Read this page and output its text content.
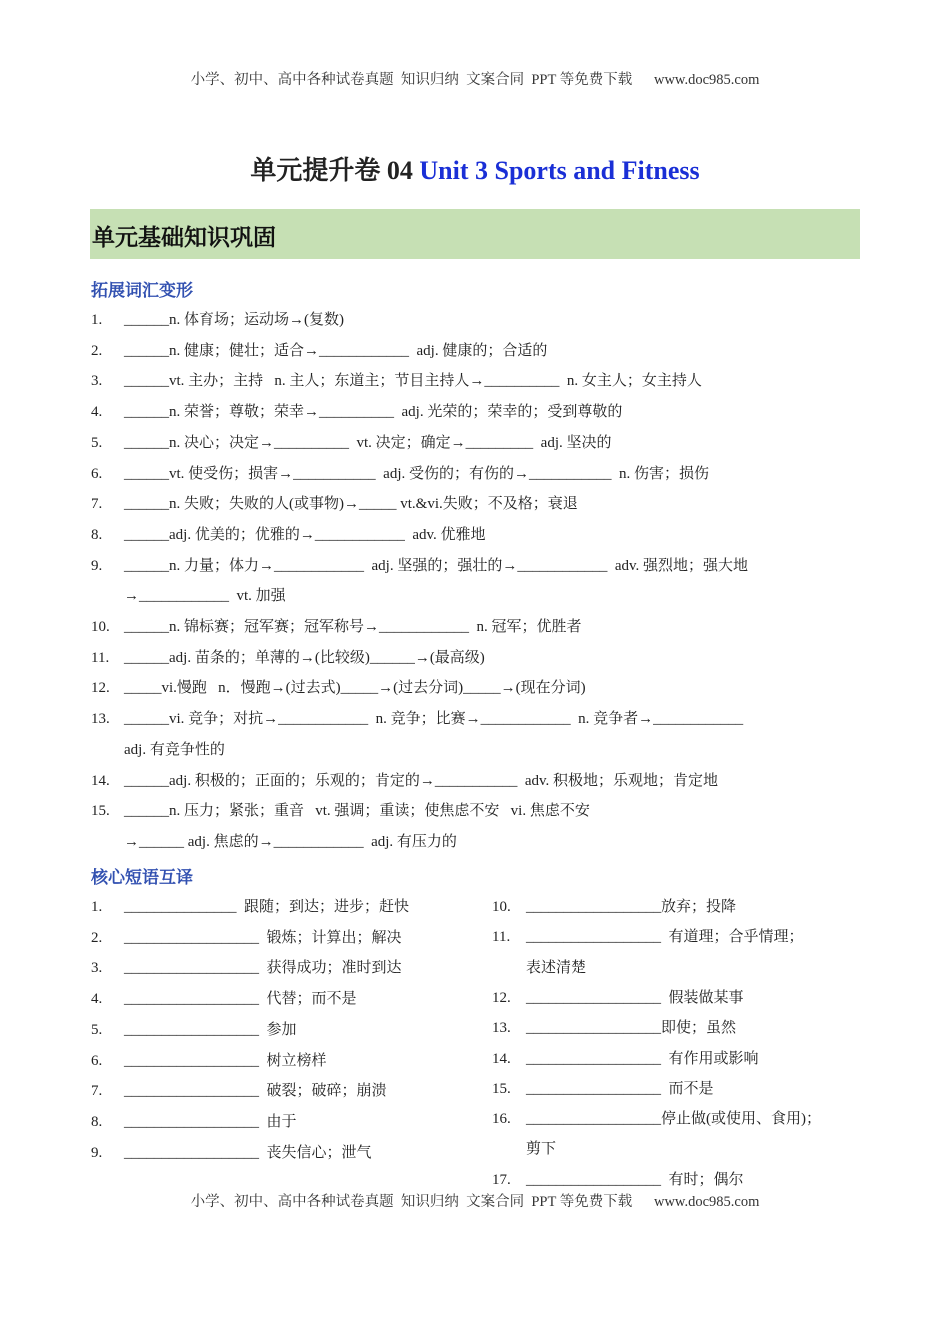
小学、初中、高中各种试卷真题  知识归纳  文案合同  PPT 等免费下载      www.doc985.com
单元提升卷 04 Unit 3 Sports and Fitness
单元基础知识巩固
拓展词汇变形
1. ______n. 体育场；运动场→(复数)
2. ______n. 健康；健壮；适合→____________  adj. 健康的；合适的
3. ______vt. 主办；主持   n. 主人；东道主；节目主持人→__________  n. 女主人；女主持人
4. ______n. 荣誉；尊敬；荣幸→__________  adj. 光荣的；荣幸的；受到尊敬的
5. ______n. 决心；决定→__________  vt. 决定；确定→_________  adj. 坚决的
6. ______vt. 使受伤；损害→___________  adj. 受伤的；有伤的→___________  n. 伤害；损伤
7. ______n. 失败；失败的人(或事物)→_____ vt.&vi.失败；不及格；衰退
8. ______adj. 优美的；优雅的→____________  adv. 优雅地
9. ______n. 力量；体力→____________  adj. 坚强的；强壮的→____________  adv. 强烈地；强大地
→____________  vt. 加强
10. ______n. 锦标赛；冠军赛；冠军称号→____________  n. 冠军；优胜者
11. ______adj. 苗条的；单薄的→(比较级)______→(最高级)
12. _____vi.慢跑   n．慢跑→(过去式)_____→(过去分词)_____→(现在分词)
13. ______vi. 竞争；对抗→____________  n. 竞争；比赛→____________  n. 竞争者→____________
adj. 有竞争性的
14. ______adj. 积极的；正面的；乐观的；肯定的→___________  adv. 积极地；乐观地；肯定地
15. ______n. 压力；紧张；重音   vt. 强调；重读；使焦虑不安   vi. 焦虑不安
→______ adj. 焦虑的→____________  adj. 有压力的
核心短语互译
1. _______________  跟随；到达；进步；赶快
2. __________________  锻炼；计算出；解决
3. __________________  获得成功；准时到达
4. __________________  代替；而不是
5. __________________  参加
6. __________________  树立榜样
7. __________________  破裂；破碎；崩溃
8. __________________  由于
9. __________________  丧失信心；泄气
10. __________________放弃；投降
11. __________________  有道理；合乎情理；
表述清楚
12. __________________  假装做某事
13. __________________即使；虽然
14. __________________  有作用或影响
15. __________________  而不是
16. __________________停止做(或使用、食用)；
剪下
17. __________________  有时；偶尔
小学、初中、高中各种试卷真题  知识归纳  文案合同  PPT 等免费下载      www.doc985.com
